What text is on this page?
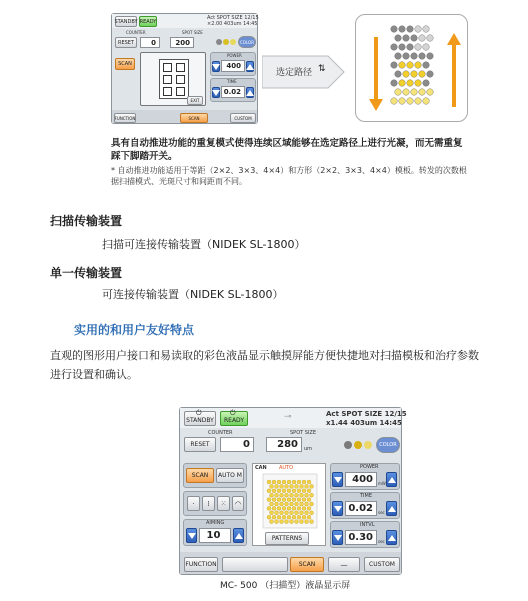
STANDBY READY
Act SPOT SIZE 12/15
×2.00 403um 14:45
COUNTER	SPOT SIZE
RESET	0	200	COLOR
SCAN
EXIT
POWER
400
TIME
0.02
FUNCTION	SCAN	CUSTOM
选定路径 ⇅
具有自动推进功能的重复模式使得连续区域能够在选定路径上进行光凝，而无需重复踩下脚踏开关。
* 自动推进功能适用于等距（2×2、3×3、4×4）和方形（2×2、3×3、4×4）模板。转发的次数根据扫描模式、光斑尺寸和间距而不同。
扫描传输装置
扫描可连接传输装置（NIDEK SL-1800）
单一传输装置
可连接传输装置（NIDEK SL-1800）
实用的和用户友好特点
直观的图形用户接口和易读取的彩色液晶显示触摸屏能方便快捷地对扫描模板和治疗参数
进行设置和确认。
STANDBY
⏻
READY
⏻	⊸	Act SPOT SIZE 12/15
x1.44 403um 14:45
COUNTER	SPOT SIZE
RESET	0	280	um
COLOR
SCAN AUTO M
·	⁞	⁙	◠
AIMING
10
CAN AUTO
PATTERNS
POWER
400	mW
TIME
0.02	sec
INTVL
0.30	sec
FUNCTION	SCAN	—	CUSTOM
MC- 500 （扫描型）液晶显示屏
